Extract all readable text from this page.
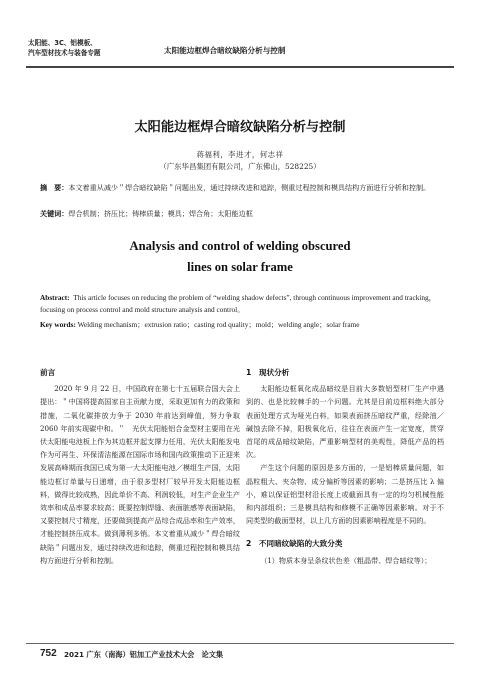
太阳能、3C、铝模板、
汽车型材技术与装备专题	太阳能边框焊合暗纹缺陷分析与控制
太阳能边框焊合暗纹缺陷分析与控制
蒋福利，李进才，何志祥
（广东华昌集团有限公司，广东佛山，528225）
摘　要：本文着重从减少＂焊合暗纹缺陷＂问题出发，通过持续改进和追踪，侧重过程控制和模具结构方面进行分析和控制。
关键词：焊合机制；挤压比；铸棒质量；模具；焊合角；太阳能边框
Analysis and control of welding obscured
lines on solar frame
Abstract: This article focuses on reducing the problem of “welding shadow defects”, through continuous improvement and tracking，focusing on process control and mold structure analysis and control。
Key words: Welding mechanism；extrusion ratio；casting rod quality；mold；welding angle；solar frame
前言

2020 年 9 月 22 日，中国政府在第七十五届联合国大会上提出：＂中国将提高国家自主贡献力度，采取更加有力的政策和措施，二氧化碳排放力争于 2030 年前达到峰值，努力争取 2060 年前实现碳中和。＂　光伏太阳能铝合金型材主要用在光伏太阳能电池板上作为其边框并起支撑力任用，光伏太阳能发电作为可再生、环保清洁能源在国际市场和国内政策推动下正迎来发展高峰期而我国已成为第一大太阳能电池／模组生产国，太阳能边框订单量与日递增，由于很多型材厂较早开发太阳能边框料，做得比较成熟，因此单价不高、利润较低，对生产企业生产效率和成品率要求较高；既要控制焊缝、表面脏感等表面缺陷，又要控制尺寸精度，还要做到提高产品综合成品率和生产效率，才能控制挤压成本。做到薄利多销。本文着重从减少＂焊合暗纹缺陷＂问题出发，通过持续改进和追踪，侧重过程控制和模具结构方面进行分析和控制。

1　现状分析

太阳能边框氧化成品暗纹是目前大多数铝型材厂生产中遇到的、也是比较棘手的一个问题。尤其是目前边框料绝大部分表面处理方式为哑光白料，如果表面挤压暗纹严重，经除油／碱蚀去除不掉，阳极氧化后，往往在表面产生一定宽度，贯穿首尾的成品暗纹缺陷，严重影响型材的美观性，降低产品的档次。

产生这个问题的原因是多方面的，一是铝棒质量问题，如晶粒粗大、夹杂物、成分偏析等因素的影响；二是挤压比 λ 偏小，难以保证铝型材沿长度上或截面具有一定的均匀机械性能和内部组织；三是模具结构和修模不正确等因素影响。对于不同类型的截面型材，以上几方面的因素影响程度是不同的。

2　不同暗纹缺陷的大致分类

（1）物质本身呈条纹状色差（粗晶带、焊合暗纹等）；

752 2021 广东（南海）铝加工产业技术大会　论文集
